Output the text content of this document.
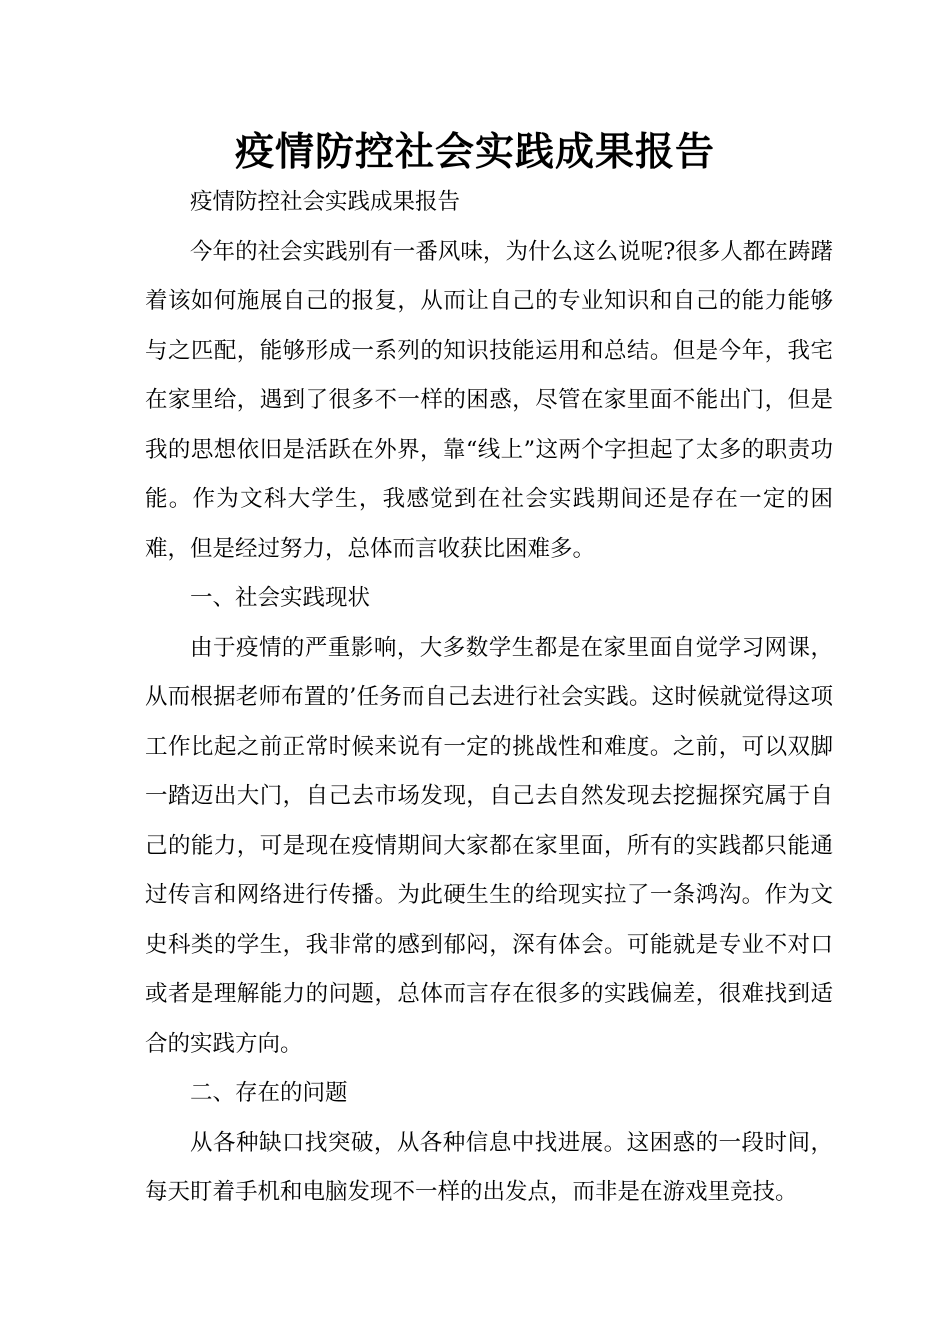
疫情防控社会实践成果报告

疫情防控社会实践成果报告

今年的社会实践别有一番风味，为什么这么说呢?很多人都在踌躇着该如何施展自己的报复，从而让自己的专业知识和自己的能力能够与之匹配，能够形成一系列的知识技能运用和总结。但是今年，我宅在家里给，遇到了很多不一样的困惑，尽管在家里面不能出门，但是我的思想依旧是活跃在外界，靠“线上”这两个字担起了太多的职责功能。作为文科大学生，我感觉到在社会实践期间还是存在一定的困难，但是经过努力，总体而言收获比困难多。

一、社会实践现状

由于疫情的严重影响，大多数学生都是在家里面自觉学习网课，从而根据老师布置的’任务而自己去进行社会实践。这时候就觉得这项工作比起之前正常时候来说有一定的挑战性和难度。之前，可以双脚一踏迈出大门，自己去市场发现，自己去自然发现去挖掘探究属于自己的能力，可是现在疫情期间大家都在家里面，所有的实践都只能通过传言和网络进行传播。为此硬生生的给现实拉了一条鸿沟。作为文史科类的学生，我非常的感到郁闷，深有体会。可能就是专业不对口或者是理解能力的问题，总体而言存在很多的实践偏差，很难找到适合的实践方向。

二、存在的问题

从各种缺口找突破，从各种信息中找进展。这困惑的一段时间，每天盯着手机和电脑发现不一样的出发点，而非是在游戏里竞技。
